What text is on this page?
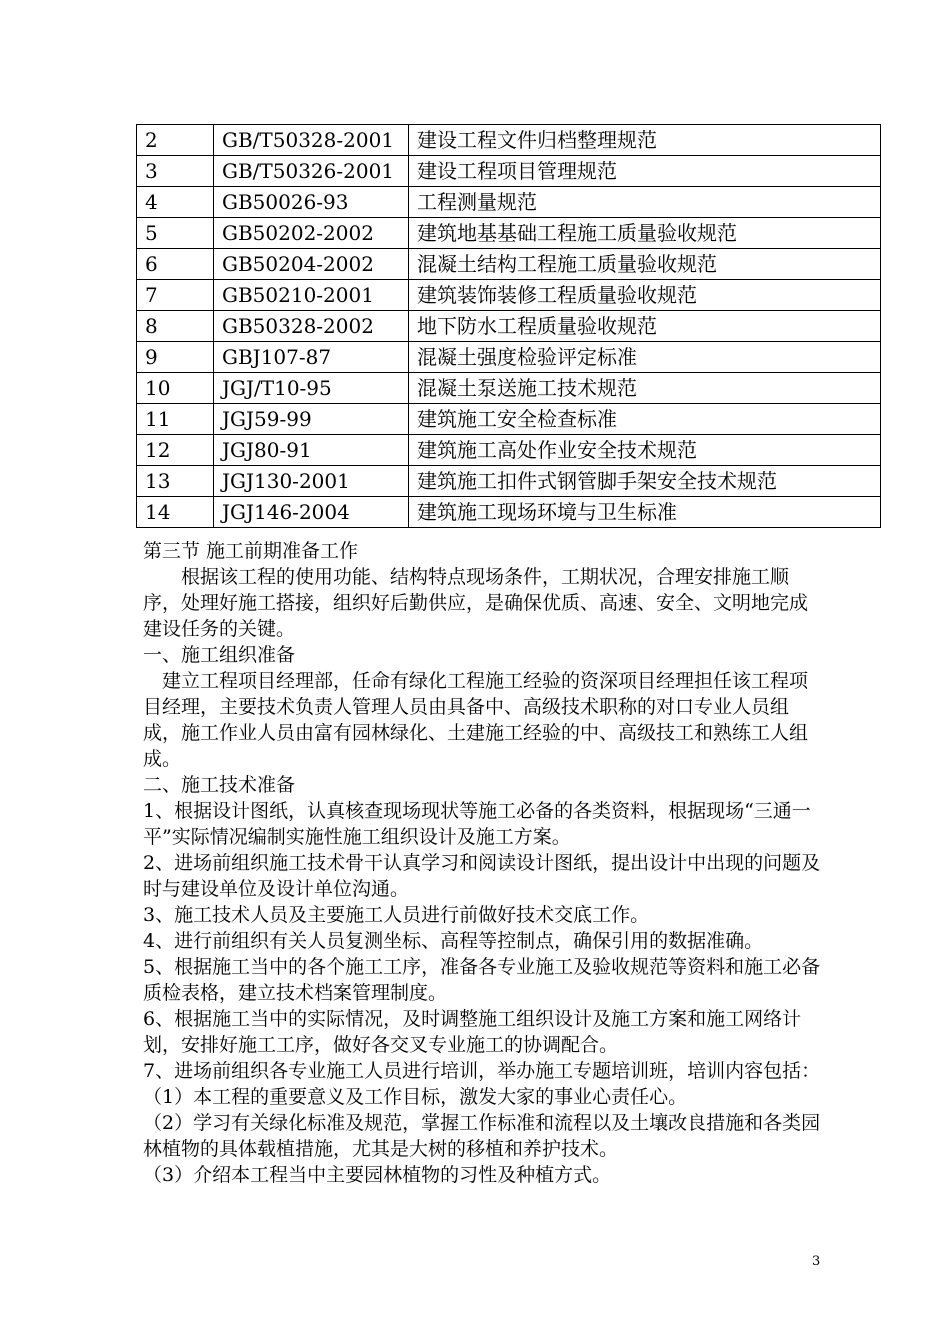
2	GB/T50328-2001	建设工程文件归档整理规范
3	GB/T50326-2001	建设工程项目管理规范
4	GB50026-93	工程测量规范
5	GB50202-2002	建筑地基基础工程施工质量验收规范
6	GB50204-2002	混凝土结构工程施工质量验收规范
7	GB50210-2001	建筑装饰装修工程质量验收规范
8	GB50328-2002	地下防水工程质量验收规范
9	GBJ107-87	混凝土强度检验评定标准
10	JGJ/T10-95	混凝土泵送施工技术规范
11	JGJ59-99	建筑施工安全检查标准
12	JGJ80-91	建筑施工高处作业安全技术规范
13	JGJ130-2001	建筑施工扣件式钢管脚手架安全技术规范
14	JGJ146-2004	建筑施工现场环境与卫生标准

第三节 施工前期准备工作

　　根据该工程的使用功能、结构特点现场条件，工期状况，合理安排施工顺序，处理好施工搭接，组织好后勤供应，是确保优质、高速、安全、文明地完成建设任务的关键。

一、施工组织准备

　建立工程项目经理部，任命有绿化工程施工经验的资深项目经理担任该工程项目经理，主要技术负责人管理人员由具备中、高级技术职称的对口专业人员组成，施工作业人员由富有园林绿化、土建施工经验的中、高级技工和熟练工人组成。

二、施工技术准备

1、根据设计图纸，认真核查现场现状等施工必备的各类资料，根据现场“三通一平”实际情况编制实施性施工组织设计及施工方案。

2、进场前组织施工技术骨干认真学习和阅读设计图纸，提出设计中出现的问题及时与建设单位及设计单位沟通。

3、施工技术人员及主要施工人员进行前做好技术交底工作。

4、进行前组织有关人员复测坐标、高程等控制点，确保引用的数据准确。

5、根据施工当中的各个施工工序，准备各专业施工及验收规范等资料和施工必备质检表格，建立技术档案管理制度。

6、根据施工当中的实际情况，及时调整施工组织设计及施工方案和施工网络计划，安排好施工工序，做好各交叉专业施工的协调配合。

7、进场前组织各专业施工人员进行培训，举办施工专题培训班，培训内容包括：

（1）本工程的重要意义及工作目标，激发大家的事业心责任心。

（2）学习有关绿化标准及规范，掌握工作标准和流程以及土壤改良措施和各类园林植物的具体载植措施，尤其是大树的移植和养护技术。

（3）介绍本工程当中主要园林植物的习性及种植方式。

3
